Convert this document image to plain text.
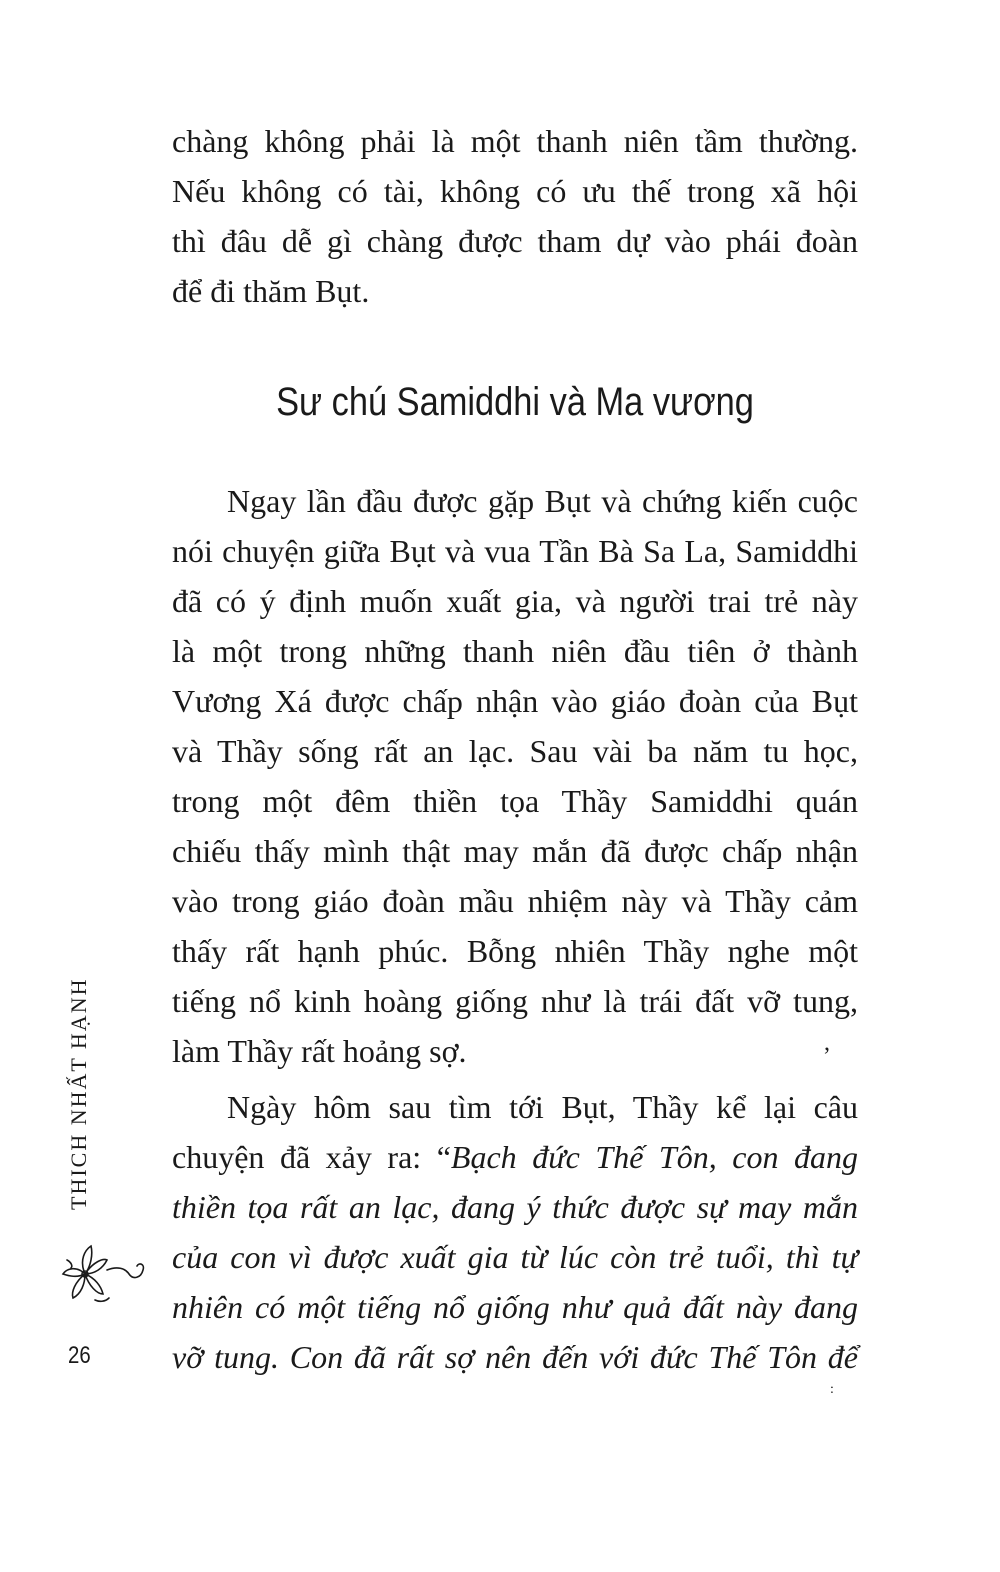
chàng không phải là một thanh niên tầm thường.
Nếu không có tài, không có ưu thế trong xã hội
thì đâu dễ gì chàng được tham dự vào phái đoàn
để đi thăm Bụt.
Sư chú Samiddhi và Ma vương
Ngay lần đầu được gặp Bụt và chứng kiến cuộc
nói chuyện giữa Bụt và vua Tần Bà Sa La, Samiddhi
đã có ý định muốn xuất gia, và người trai trẻ này
là một trong những thanh niên đầu tiên ở thành
Vương Xá được chấp nhận vào giáo đoàn của Bụt
và Thầy sống rất an lạc. Sau vài ba năm tu học,
trong một đêm thiền tọa Thầy Samiddhi quán
chiếu thấy mình thật may mắn đã được chấp nhận
vào trong giáo đoàn mầu nhiệm này và Thầy cảm
thấy rất hạnh phúc. Bỗng nhiên Thầy nghe một
tiếng nổ kinh hoàng giống như là trái đất vỡ tung,
làm Thầy rất hoảng sợ.
Ngày hôm sau tìm tới Bụt, Thầy kể lại câu
chuyện đã xảy ra: “Bạch đức Thế Tôn, con đang
thiền tọa rất an lạc, đang ý thức được sự may mắn
của con vì được xuất gia từ lúc còn trẻ tuổi, thì tự
nhiên có một tiếng nổ giống như quả đất này đang
vỡ tung. Con đã rất sợ nên đến với đức Thế Tôn để
THICH NHẤT HẠNH
26
,
:
